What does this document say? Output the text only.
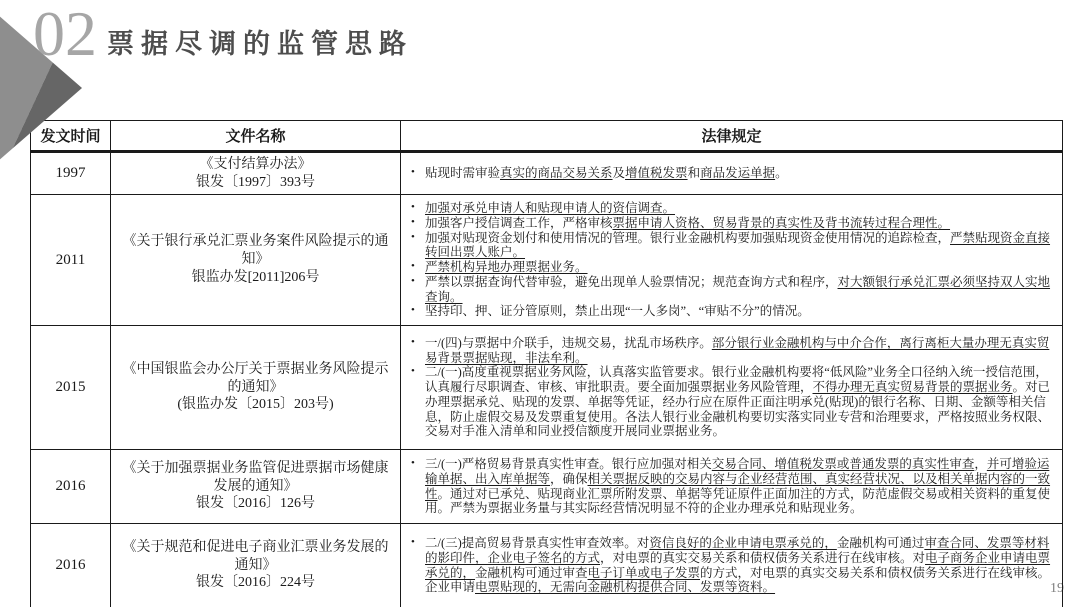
02 票据尽调的监管思路
发文时间	文件名称	法律规定
1997	
《支付结算办法》
银发〔1997〕393号

• 贴现时需审验真实的商品交易关系及增值税发票和商品发运单据。

2011	
《关于银行承兑汇票业务案件风险提示的通知》
银监办发[2011]206号

• 加强对承兑申请人和贴现申请人的资信调查。
• 加强客户授信调查工作，严格审核票据申请人资格、贸易背景的真实性及背书流转过程合理性。
• 加强对贴现资金划付和使用情况的管理。银行业金融机构要加强贴现资金使用情况的追踪检查，严禁贴现资金直接转回出票人账户。
• 严禁机构异地办理票据业务。
• 严禁以票据查询代替审验，避免出现单人验票情况；规范查询方式和程序，对大额银行承兑汇票必须坚持双人实地查询。
• 坚持印、押、证分管原则，禁止出现“一人多岗”、“审贴不分”的情况。

2015	
《中国银监会办公厅关于票据业务风险提示的通知》
(银监办发〔2015〕203号)

• 一/(四)与票据中介联手，违规交易，扰乱市场秩序。部分银行业金融机构与中介合作，离行离柜大量办理无真实贸易背景票据贴现，非法牟利。
• 二/(一)高度重视票据业务风险，认真落实监管要求。银行业金融机构要将“低风险”业务全口径纳入统一授信范围，认真履行尽职调查、审核、审批职责。要全面加强票据业务风险管理，不得办理无真实贸易背景的票据业务。对已办理票据承兑、贴现的发票、单据等凭证，经办行应在原件正面注明承兑(贴现)的银行名称、日期、金额等相关信息，防止虚假交易及发票重复使用。各法人银行业金融机构要切实落实同业专营和治理要求，严格按照业务权限、交易对手准入清单和同业授信额度开展同业票据业务。

2016	
《关于加强票据业务监管促进票据市场健康发展的通知》
银发〔2016〕126号

• 三/(一)严格贸易背景真实性审查。银行应加强对相关交易合同、增值税发票或普通发票的真实性审查，并可增验运输单据、出入库单据等，确保相关票据反映的交易内容与企业经营范围、真实经营状况、以及相关单据内容的一致性。通过对已承兑、贴现商业汇票所附发票、单据等凭证原件正面加注的方式，防范虚假交易或相关资料的重复使用。严禁为票据业务量与其实际经营情况明显不符的企业办理承兑和贴现业务。

2016	
《关于规范和促进电子商业汇票业务发展的通知》
银发〔2016〕224号

• 二/(三)提高贸易背景真实性审查效率。对资信良好的企业申请电票承兑的，金融机构可通过审查合同、发票等材料的影印件，企业电子签名的方式，对电票的真实交易关系和债权债务关系进行在线审核。对电子商务企业申请电票承兑的，金融机构可通过审查电子订单或电子发票的方式，对电票的真实交易关系和债权债务关系进行在线审核。企业申请电票贴现的，无需向金融机构提供合同、发票等资料。	19
